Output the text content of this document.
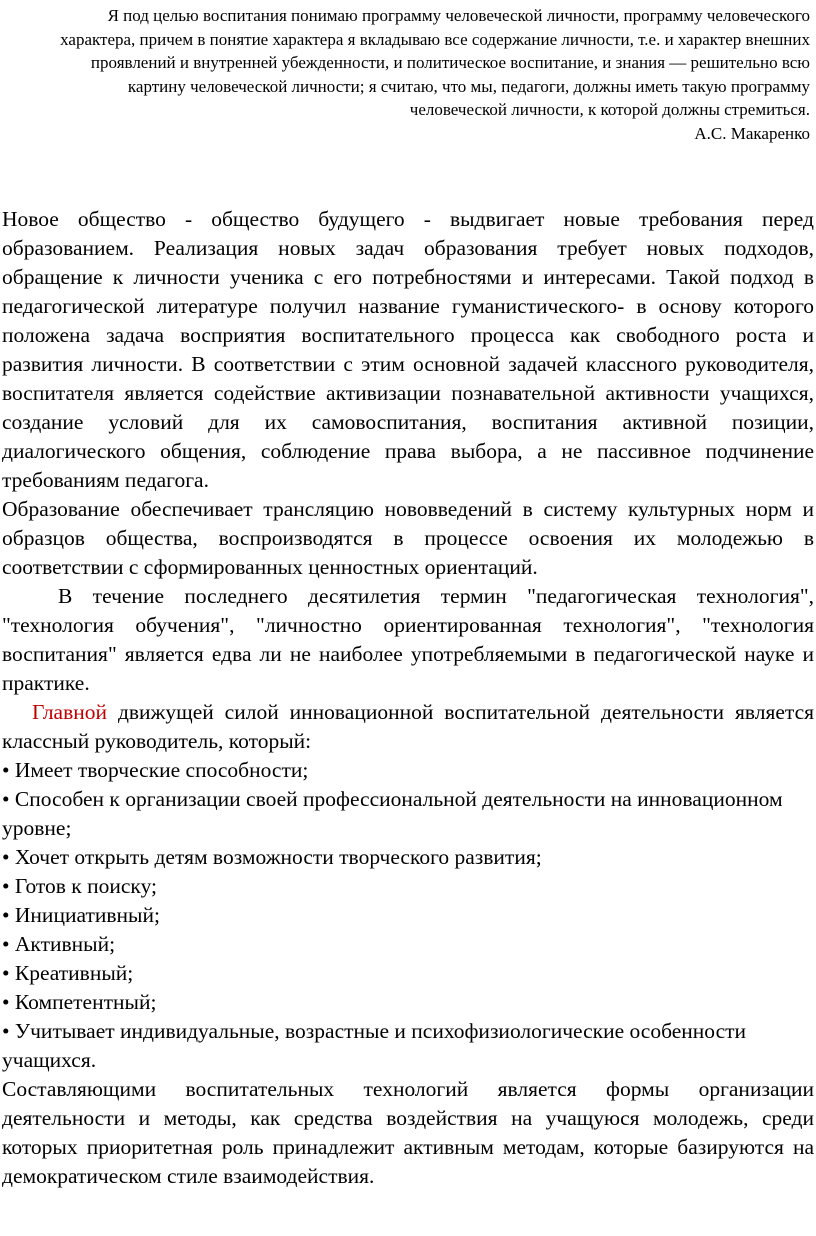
Я под целью воспитания понимаю программу человеческой личности, программу человеческого характера, причем в понятие характера я вкладываю все содержание личности, т.е. и характер внешних проявлений и внутренней убежденности, и политическое воспитание, и знания — решительно всю картину человеческой личности; я считаю, что мы, педагоги, должны иметь такую программу человеческой личности, к которой должны стремиться.

А.С. Макаренко

Новое общество - общество будущего - выдвигает новые требования перед образованием. Реализация новых задач образования требует новых подходов, обращение к личности ученика с его потребностями и интересами. Такой подход в педагогической литературе получил название гуманистического- в основу которого положена задача восприятия воспитательного процесса как свободного роста и развития личности. В соответствии с этим основной задачей классного руководителя, воспитателя является содействие активизации познавательной активности учащихся, создание условий для их самовоспитания, воспитания активной позиции, диалогического общения, соблюдение права выбора, а не пассивное подчинение требованиям педагога.

Образование обеспечивает трансляцию нововведений в систему культурных норм и образцов общества, воспроизводятся в процессе освоения их молодежью в соответствии с сформированных ценностных ориентаций.

В течение последнего десятилетия термин "педагогическая технология", "технология обучения", "личностно ориентированная технология", "технология воспитания" является едва ли не наиболее употребляемыми в педагогической науке и практике.

Главной движущей силой инновационной воспитательной деятельности является классный руководитель, который:

• Имеет творческие способности;

• Способен к организации своей профессиональной деятельности на инновационном уровне;

• Хочет открыть детям возможности творческого развития;

• Готов к поиску;

• Инициативный;

• Активный;

• Креативный;

• Компетентный;

• Учитывает индивидуальные, возрастные и психофизиологические особенности учащихся.

Составляющими воспитательных технологий является формы организации деятельности и методы, как средства воздействия на учащуюся молодежь, среди которых приоритетная роль принадлежит активным методам, которые базируются на демократическом стиле взаимодействия.
